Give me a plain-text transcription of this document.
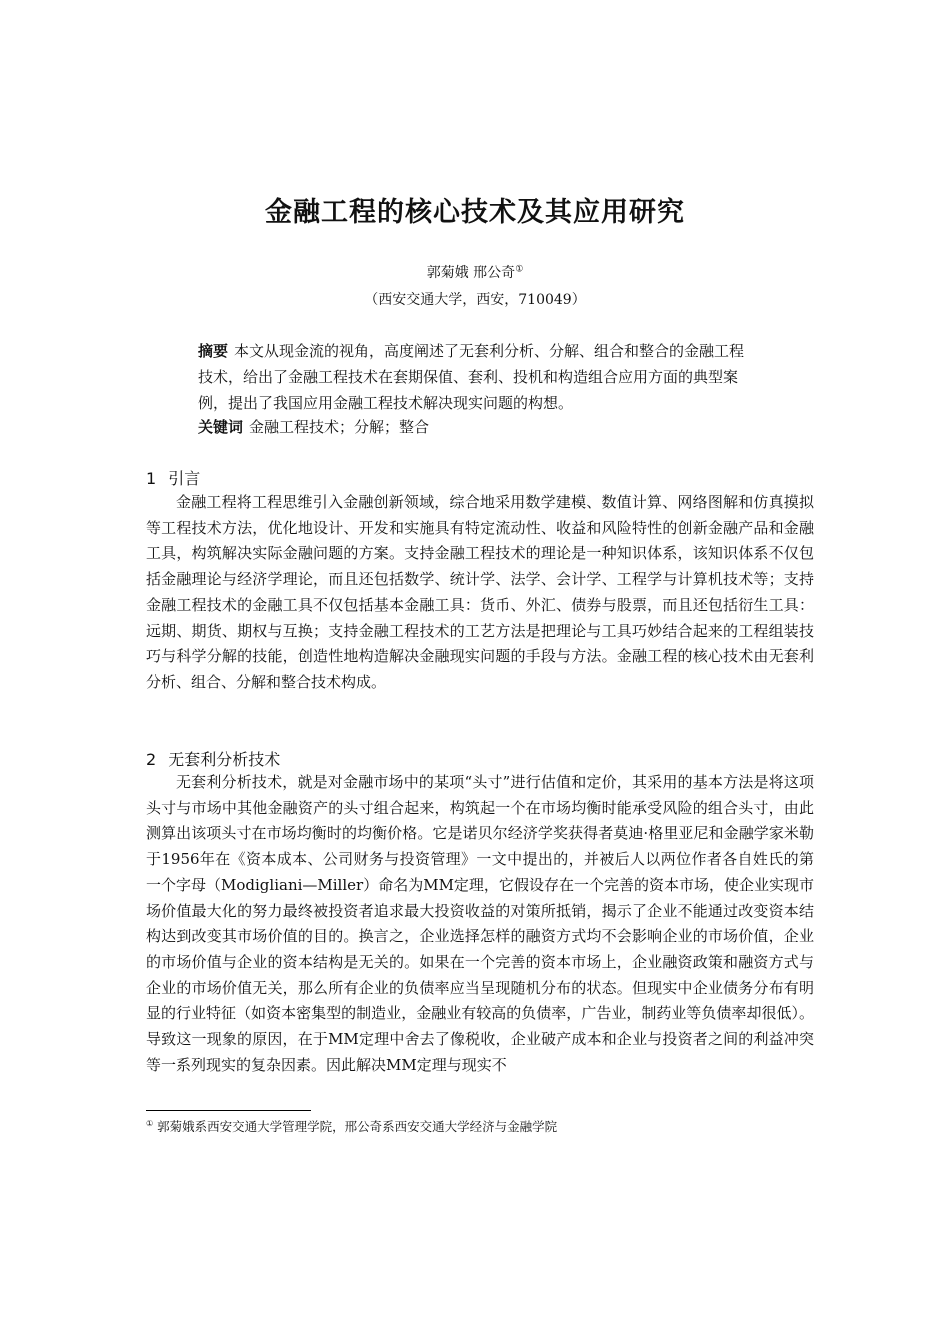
金融工程的核心技术及其应用研究
郭菊娥 邢公奇①
（西安交通大学，西安，710049）
摘要 本文从现金流的视角，高度阐述了无套利分析、分解、组合和整合的金融工程技术，给出了金融工程技术在套期保值、套利、投机和构造组合应用方面的典型案例，提出了我国应用金融工程技术解决现实问题的构想。
关键词 金融工程技术；分解；整合
1 引言
金融工程将工程思维引入金融创新领域，综合地采用数学建模、数值计算、网络图解和仿真摸拟等工程技术方法，优化地设计、开发和实施具有特定流动性、收益和风险特性的创新金融产品和金融工具，构筑解决实际金融问题的方案。支持金融工程技术的理论是一种知识体系，该知识体系不仅包括金融理论与经济学理论，而且还包括数学、统计学、法学、会计学、工程学与计算机技术等；支持金融工程技术的金融工具不仅包括基本金融工具：货币、外汇、债券与股票，而且还包括衍生工具：远期、期货、期权与互换；支持金融工程技术的工艺方法是把理论与工具巧妙结合起来的工程组装技巧与科学分解的技能，创造性地构造解决金融现实问题的手段与方法。金融工程的核心技术由无套利分析、组合、分解和整合技术构成。
2 无套利分析技术
无套利分析技术，就是对金融市场中的某项“头寸”进行估值和定价，其采用的基本方法是将这项头寸与市场中其他金融资产的头寸组合起来，构筑起一个在市场均衡时能承受风险的组合头寸，由此测算出该项头寸在市场均衡时的均衡价格。它是诺贝尔经济学奖获得者莫迪·格里亚尼和金融学家米勒于1956年在《资本成本、公司财务与投资管理》一文中提出的，并被后人以两位作者各自姓氏的第一个字母（Modigliani—Miller）命名为MM定理，它假设存在一个完善的资本市场，使企业实现市场价值最大化的努力最终被投资者追求最大投资收益的对策所抵销，揭示了企业不能通过改变资本结构达到改变其市场价值的目的。换言之，企业选择怎样的融资方式均不会影响企业的市场价值，企业的市场价值与企业的资本结构是无关的。如果在一个完善的资本市场上，企业融资政策和融资方式与企业的市场价值无关，那么所有企业的负债率应当呈现随机分布的状态。但现实中企业债务分布有明显的行业特征（如资本密集型的制造业，金融业有较高的负债率，广告业，制药业等负债率却很低）。导致这一现象的原因，在于MM定理中舍去了像税收，企业破产成本和企业与投资者之间的利益冲突等一系列现实的复杂因素。因此解决MM定理与现实不
① 郭菊娥系西安交通大学管理学院，邢公奇系西安交通大学经济与金融学院
